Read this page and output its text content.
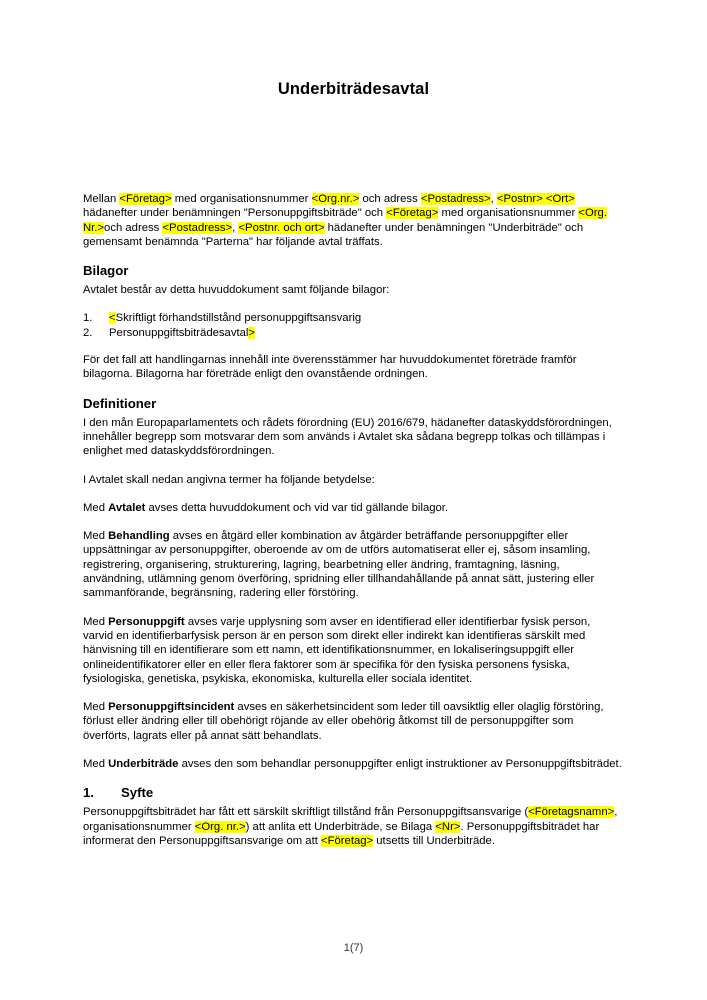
Underbiträdesavtal

Mellan <Företag> med organisationsnummer <Org.nr.> och adress <Postadress>, <Postnr> <Ort> hädanefter under benämningen "Personuppgiftsbiträde" och <Företag> med organisationsnummer <Org. Nr.>och adress <Postadress>, <Postnr. och ort> hädanefter under benämningen "Underbiträde" och gemensamt benämnda "Parterna" har följande avtal träffats.

Bilagor

Avtalet består av detta huvuddokument samt följande bilagor:

1.	<Skriftligt förhandstillstånd personuppgiftsansvarig
2.	Personuppgiftsbiträdesavtal>

För det fall att handlingarnas innehåll inte överensstämmer har huvuddokumentet företräde framför bilagorna. Bilagorna har företräde enligt den ovanstående ordningen.

Definitioner

I den mån Europaparlamentets och rådets förordning (EU) 2016/679, hädanefter dataskyddsförordningen, innehåller begrepp som motsvarar dem som används i Avtalet ska sådana begrepp tolkas och tillämpas i enlighet med dataskyddsförordningen.

I Avtalet skall nedan angivna termer ha följande betydelse:

Med Avtalet avses detta huvuddokument och vid var tid gällande bilagor.

Med Behandling avses en åtgärd eller kombination av åtgärder beträffande personuppgifter eller uppsättningar av personuppgifter, oberoende av om de utförs automatiserat eller ej, såsom insamling, registrering, organisering, strukturering, lagring, bearbetning eller ändring, framtagning, läsning, användning, utlämning genom överföring, spridning eller tillhandahållande på annat sätt, justering eller sammanförande, begränsning, radering eller förstöring.

Med Personuppgift avses varje upplysning som avser en identifierad eller identifierbar fysisk person, varvid en identifierbarfysisk person är en person som direkt eller indirekt kan identifieras särskilt med hänvisning till en identifierare som ett namn, ett identifikationsnummer, en lokaliseringsuppgift eller onlineidentifikatorer eller en eller flera faktorer som är specifika för den fysiska personens fysiska, fysiologiska, genetiska, psykiska, ekonomiska, kulturella eller sociala identitet.

Med Personuppgiftsincident avses en säkerhetsincident som leder till oavsiktlig eller olaglig förstöring, förlust eller ändring eller till obehörigt röjande av eller obehörig åtkomst till de personuppgifter som överförts, lagrats eller på annat sätt behandlats.

Med Underbiträde avses den som behandlar personuppgifter enligt instruktioner av Personuppgiftsbiträdet.

1.	Syfte

Personuppgiftsbiträdet har fått ett särskilt skriftligt tillstånd från Personuppgiftsansvarige (<Företagsnamn>, organisationsnummer <Org. nr.>) att anlita ett Underbiträde, se Bilaga <Nr>. Personuppgiftsbiträdet har informerat den Personuppgiftsansvarige om att <Företag> utsetts till Underbiträde.

1(7)
